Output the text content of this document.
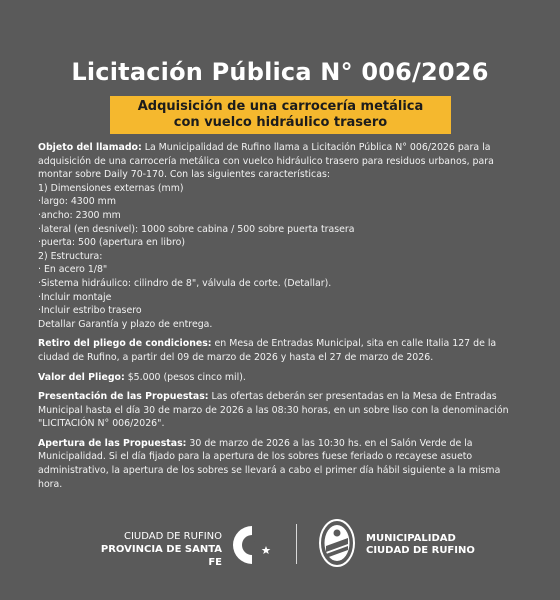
Licitación Pública N° 006/2026
Adquisición de una carrocería metálica
con vuelco hidráulico trasero

Objeto del llamado: La Municipalidad de Rufino llama a Licitación Pública N° 006/2026 para la adquisición de una carrocería metálica con vuelco hidráulico trasero para residuos urbanos, para montar sobre Daily 70-170. Con las siguientes características:
1) Dimensiones externas (mm)
·largo: 4300 mm
·ancho: 2300 mm
·lateral (en desnivel): 1000 sobre cabina / 500 sobre puerta trasera
·puerta: 500 (apertura en libro)
2) Estructura:
· En acero 1/8"
·Sistema hidráulico: cilindro de 8", válvula de corte. (Detallar).
·Incluir montaje
·Incluir estribo trasero
Detallar Garantía y plazo de entrega.

Retiro del pliego de condiciones: en Mesa de Entradas Municipal, sita en calle Italia 127 de la ciudad de Rufino, a partir del 09 de marzo de 2026 y hasta el 27 de marzo de 2026.

Valor del Pliego: $5.000 (pesos cinco mil).

Presentación de las Propuestas: Las ofertas deberán ser presentadas en la Mesa de Entradas Municipal hasta el día 30 de marzo de 2026 a las 08:30 horas, en un sobre liso con la denominación "LICITACIÓN N° 006/2026".

Apertura de las Propuestas: 30 de marzo de 2026 a las 10:30 hs. en el Salón Verde de la Municipalidad. Si el día fijado para la apertura de los sobres fuese feriado o recayese asueto administrativo, la apertura de los sobres se llevará a cabo el primer día hábil siguiente a la misma hora.

CIUDAD DE RUFINO
PROVINCIA DE SANTA FE
R
MUNICIPALIDAD
CIUDAD DE RUFINO
